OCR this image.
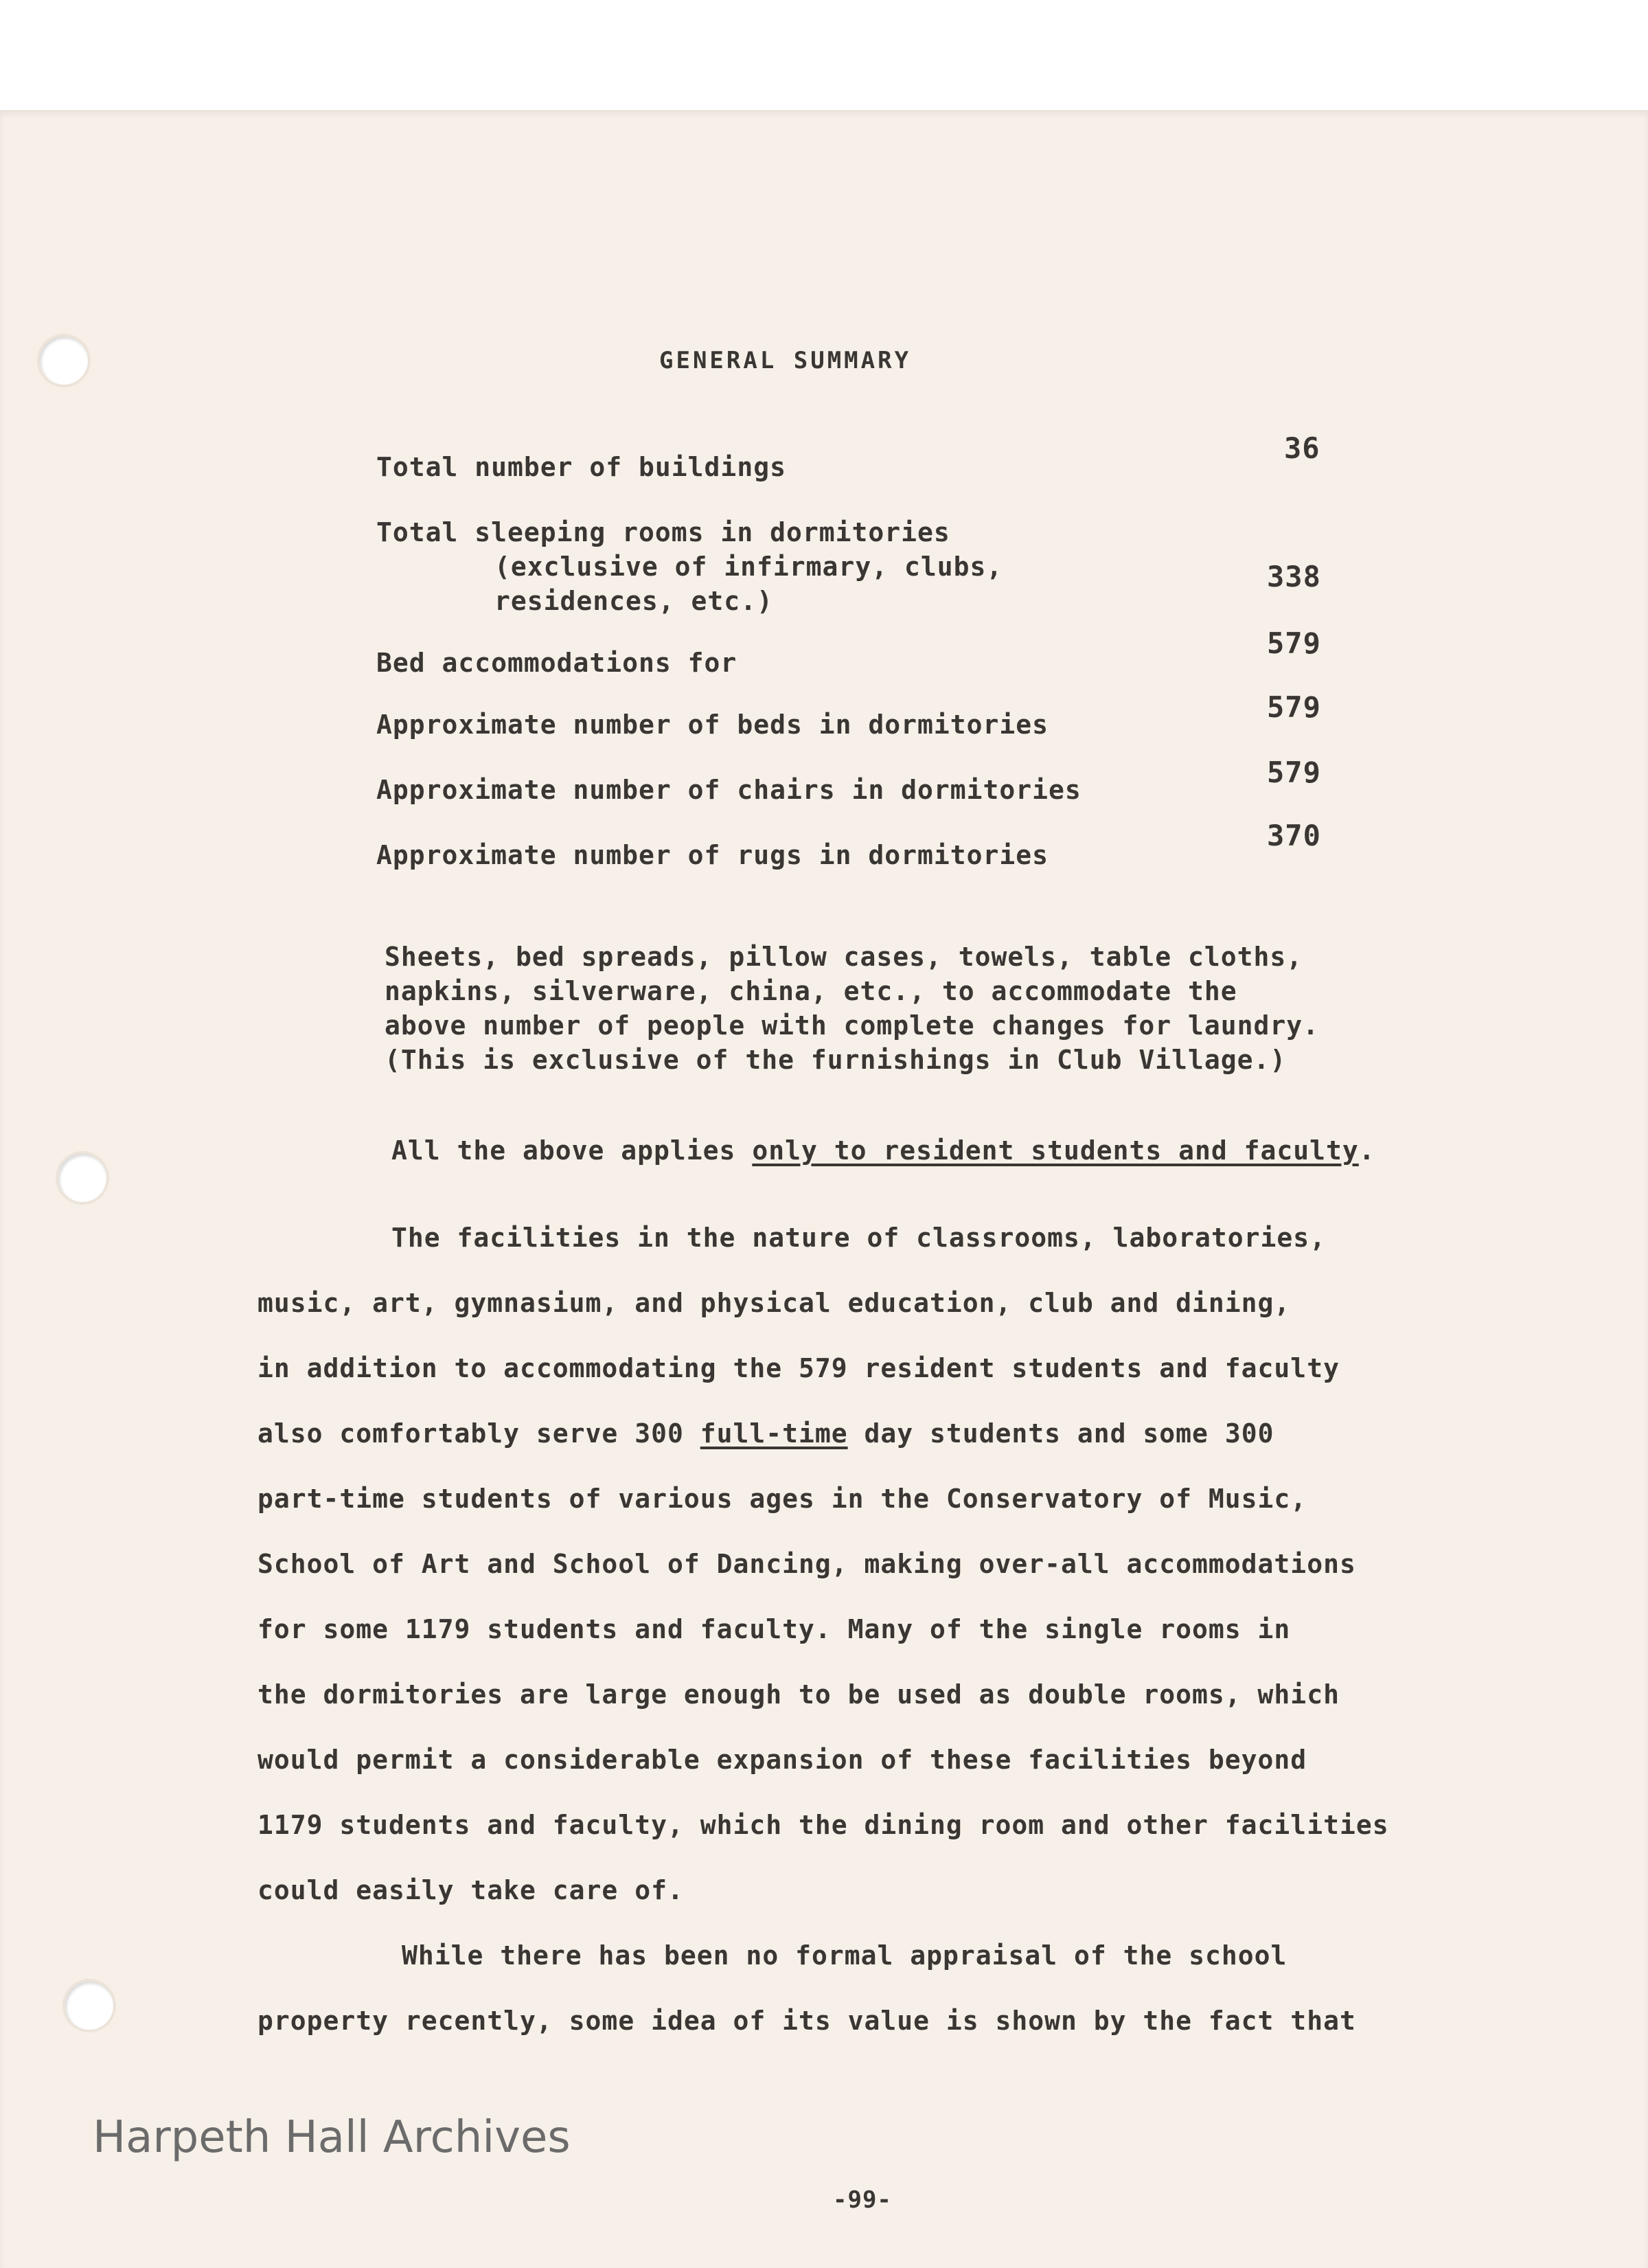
GENERAL SUMMARY
Total number of buildings
36
Total sleeping rooms in dormitories
(exclusive of infirmary, clubs,
residences, etc.)
338
Bed accommodations for
579
Approximate number of beds in dormitories
579
Approximate number of chairs in dormitories
579
Approximate number of rugs in dormitories
370
Sheets, bed spreads, pillow cases, towels, table cloths,
napkins, silverware, china, etc., to accommodate the
above number of people with complete changes for laundry.
(This is exclusive of the furnishings in Club Village.)
All the above applies only to resident students and faculty.
The facilities in the nature of classrooms, laboratories,
music, art, gymnasium, and physical education, club and dining,
in addition to accommodating the 579 resident students and faculty
also comfortably serve 300 full-time day students and some 300
part-time students of various ages in the Conservatory of Music,
School of Art and School of Dancing, making over-all accommodations
for some 1179 students and faculty. Many of the single rooms in
the dormitories are large enough to be used as double rooms, which
would permit a considerable expansion of these facilities beyond
1179 students and faculty, which the dining room and other facilities
could easily take care of.
While there has been no formal appraisal of the school
property recently, some idea of its value is shown by the fact that
Harpeth Hall Archives
-99-
